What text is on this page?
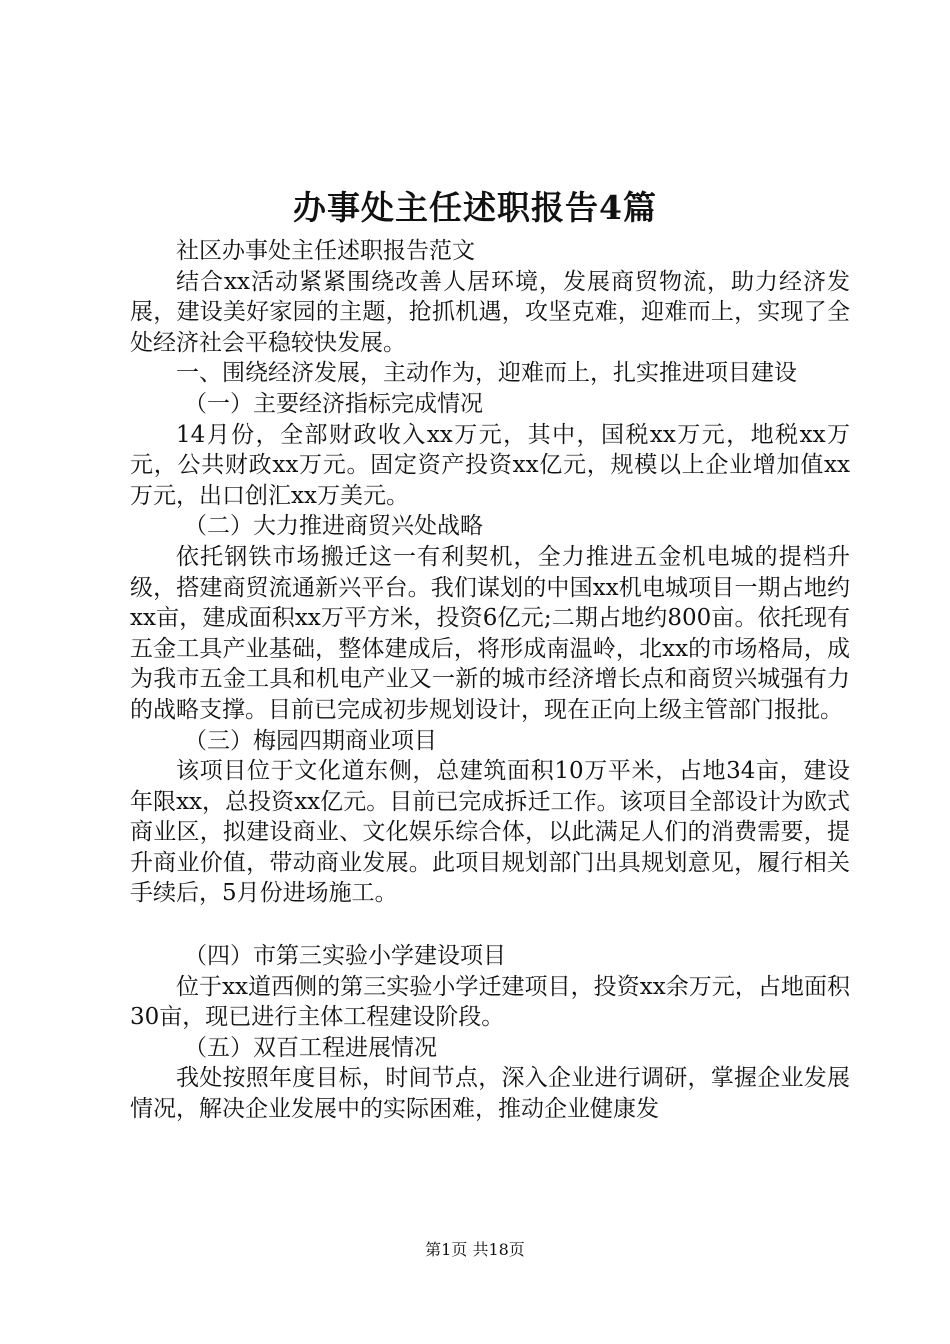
办事处主任述职报告4篇

社区办事处主任述职报告范文

结合xx活动紧紧围绕改善人居环境，发展商贸物流，助力经济发展，建设美好家园的主题，抢抓机遇，攻坚克难，迎难而上，实现了全处经济社会平稳较快发展。

一、围绕经济发展，主动作为，迎难而上，扎实推进项目建设

（一）主要经济指标完成情况

14月份，全部财政收入xx万元，其中，国税xx万元，地税xx万元，公共财政xx万元。固定资产投资xx亿元，规模以上企业增加值xx万元，出口创汇xx万美元。

（二）大力推进商贸兴处战略

依托钢铁市场搬迁这一有利契机，全力推进五金机电城的提档升级，搭建商贸流通新兴平台。我们谋划的中国xx机电城项目一期占地约xx亩，建成面积xx万平方米，投资6亿元;二期占地约800亩。依托现有五金工具产业基础，整体建成后，将形成南温岭，北xx的市场格局，成为我市五金工具和机电产业又一新的城市经济增长点和商贸兴城强有力的战略支撑。目前已完成初步规划设计，现在正向上级主管部门报批。

（三）梅园四期商业项目

该项目位于文化道东侧，总建筑面积10万平米，占地34亩，建设年限xx，总投资xx亿元。目前已完成拆迁工作。该项目全部设计为欧式商业区，拟建设商业、文化娱乐综合体，以此满足人们的消费需要，提升商业价值，带动商业发展。此项目规划部门出具规划意见，履行相关手续后，5月份进场施工。

（四）市第三实验小学建设项目

位于xx道西侧的第三实验小学迁建项目，投资xx余万元，占地面积30亩，现已进行主体工程建设阶段。

（五）双百工程进展情况

我处按照年度目标，时间节点，深入企业进行调研，掌握企业发展情况，解决企业发展中的实际困难，推动企业健康发

第1页 共18页
